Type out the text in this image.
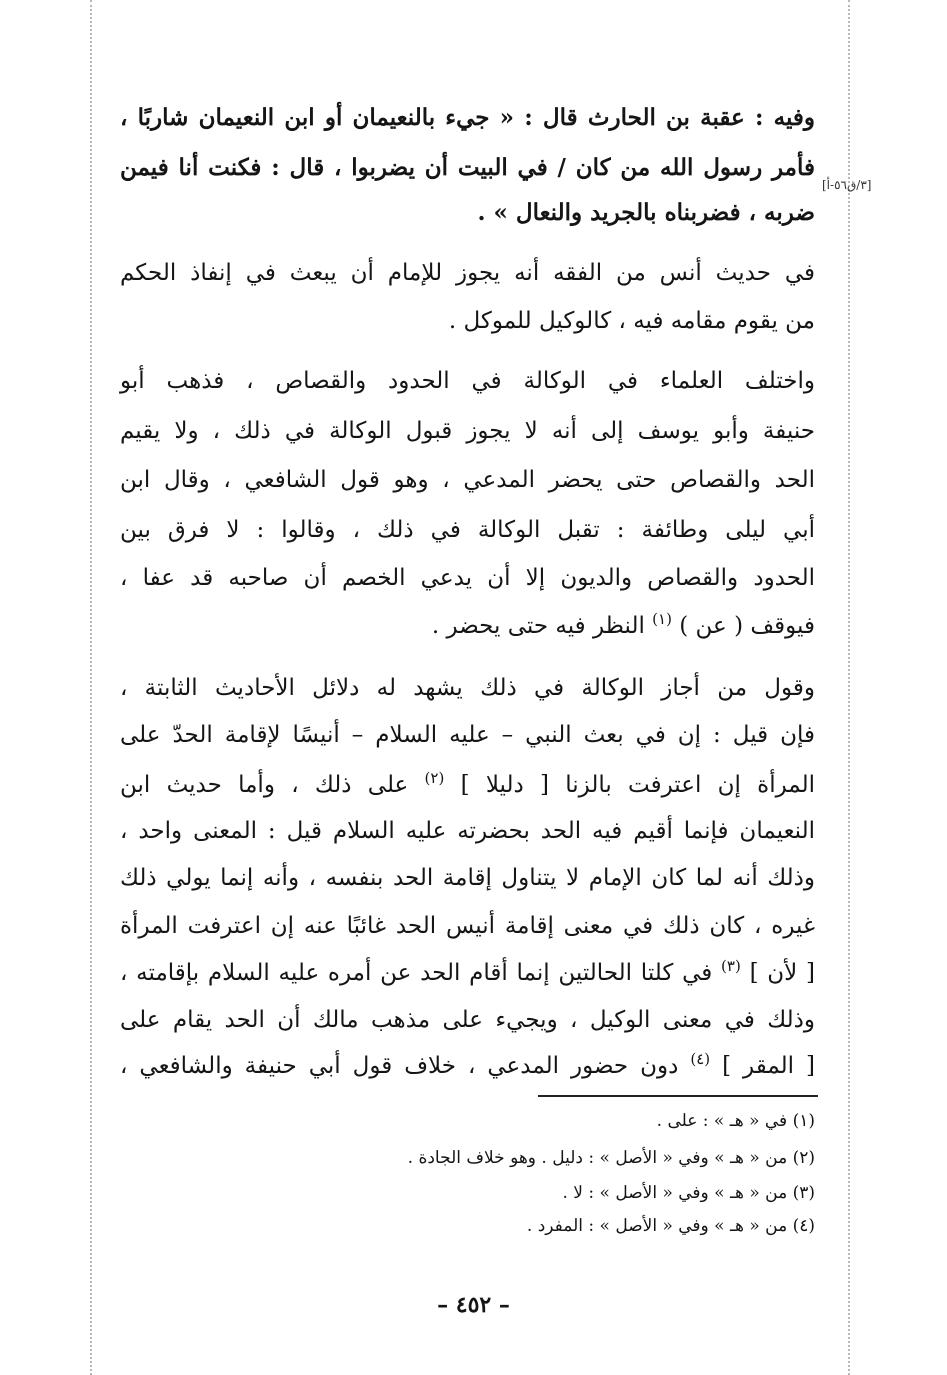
[٣/ق٥٦-أ]
وفيه : عقبة بن الحارث قال : « جيء بالنعيمان أو ابن النعيمان شاربًا ،
فأمر رسول الله من كان / في البيت أن يضربوا ، قال : فكنت أنا فيمن
ضربه ، فضربناه بالجريد والنعال » .
في حديث أنس من الفقه أنه يجوز للإمام أن يبعث في إنفاذ الحكم
من يقوم مقامه فيه ، كالوكيل للموكل .
واختلف العلماء في الوكالة في الحدود والقصاص ، فذهب أبو
حنيفة وأبو يوسف إلى أنه لا يجوز قبول الوكالة في ذلك ، ولا يقيم
الحد والقصاص حتى يحضر المدعي ، وهو قول الشافعي ، وقال ابن
أبي ليلى وطائفة : تقبل الوكالة في ذلك ، وقالوا : لا فرق بين
الحدود والقصاص والديون إلا أن يدعي الخصم أن صاحبه قد عفا ،
فيوقف ( عن ) $^{(١)}$ النظر فيه حتى يحضر .
وقول من أجاز الوكالة في ذلك يشهد له دلائل الأحاديث الثابتة ،
فإن قيل : إن في بعث النبي – عليه السلام – أنيسًا لإقامة الحدّ على
المرأة إن اعترفت بالزنا [ دليلا ] $^{(٢)}$ على ذلك ، وأما حديث ابن
النعيمان فإنما أقيم فيه الحد بحضرته عليه السلام قيل : المعنى واحد ،
وذلك أنه لما كان الإمام لا يتناول إقامة الحد بنفسه ، وأنه إنما يولي ذلك
غيره ، كان ذلك في معنى إقامة أنيس الحد غائبًا عنه إن اعترفت المرأة
[ لأن ] $^{(٣)}$ في كلتا الحالتين إنما أقام الحد عن أمره عليه السلام بإقامته ،
وذلك في معنى الوكيل ، ويجيء على مذهب مالك أن الحد يقام على
[ المقر ] $^{(٤)}$ دون حضور المدعي ، خلاف قول أبي حنيفة والشافعي ،
(١) في « هـ » : على .
(٢) من « هـ » وفي « الأصل » : دليل . وهو خلاف الجادة .
(٣) من « هـ » وفي « الأصل » : لا .
(٤) من « هـ » وفي « الأصل » : المفرد .
– ٤٥٢ –
